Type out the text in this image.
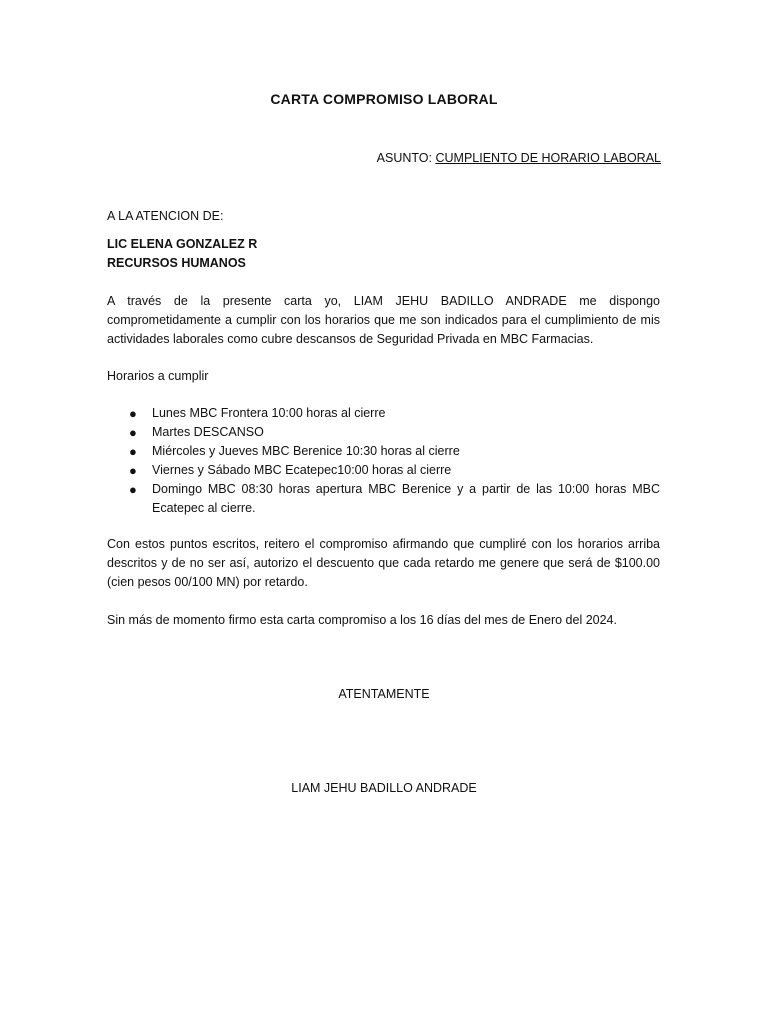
CARTA COMPROMISO LABORAL
ASUNTO: CUMPLIENTO DE HORARIO LABORAL
A LA ATENCION DE:
LIC ELENA GONZALEZ R
RECURSOS HUMANOS

A través de la presente carta yo, LIAM JEHU BADILLO ANDRADE me dispongo comprometidamente a cumplir con los horarios que me son indicados para el cumplimiento de mis actividades laborales como cubre descansos de Seguridad Privada en MBC Farmacias.

Horarios a cumplir
● Lunes MBC Frontera 10:00 horas al cierre
● Martes DESCANSO
● Miércoles y Jueves MBC Berenice 10:30 horas al cierre
● Viernes y Sábado MBC Ecatepec10:00 horas al cierre
● Domingo MBC 08:30 horas apertura MBC Berenice y a partir de las 10:00 horas MBC Ecatepec al cierre.

Con estos puntos escritos, reitero el compromiso afirmando que cumpliré con los horarios arriba descritos y de no ser así, autorizo el descuento que cada retardo me genere que será de $100.00 (cien pesos 00/100 MN) por retardo.

Sin más de momento firmo esta carta compromiso a los 16 días del mes de Enero del 2024.

ATENTAMENTE
LIAM JEHU BADILLO ANDRADE
